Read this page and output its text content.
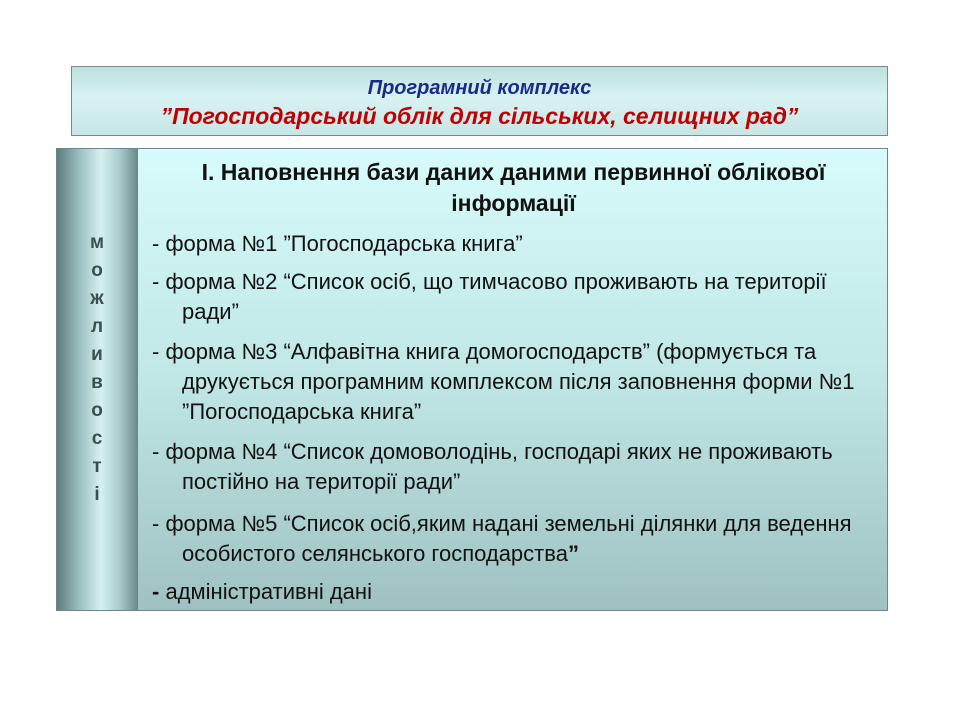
Програмний комплекс
”Погосподарський облік для сільських, селищних рад”
м
о
ж
л
и
в
о
с
т
і
І. Наповнення бази даних даними первинної облікової інформації
- форма №1 ”Погосподарська книга”
- форма №2 “Список осіб, що тимчасово проживають на території ради”
- форма №3 “Алфавітна книга домогосподарств” (формується та друкується програмним комплексом після заповнення форми №1 ”Погосподарська книга”
- форма №4 “Список домоволодінь, господарі яких не проживають постійно на території ради”
- форма №5 “Список осіб,яким надані земельні ділянки для ведення особистого селянського господарства”
- адміністративні дані
